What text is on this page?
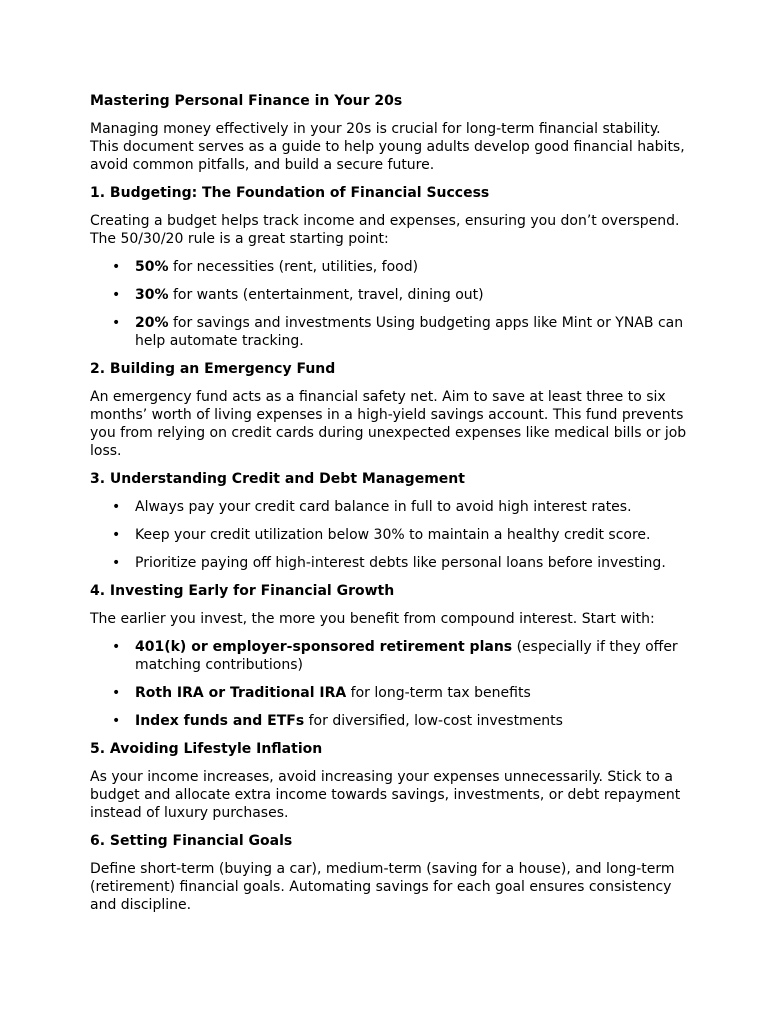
Mastering Personal Finance in Your 20s

Managing money effectively in your 20s is crucial for long-term financial stability. This document serves as a guide to help young adults develop good financial habits, avoid common pitfalls, and build a secure future.

1. Budgeting: The Foundation of Financial Success

Creating a budget helps track income and expenses, ensuring you don’t overspend. The 50/30/20 rule is a great starting point:

• 50% for necessities (rent, utilities, food)
• 30% for wants (entertainment, travel, dining out)
• 20% for savings and investments Using budgeting apps like Mint or YNAB can help automate tracking.
2. Building an Emergency Fund

An emergency fund acts as a financial safety net. Aim to save at least three to six months’ worth of living expenses in a high-yield savings account. This fund prevents you from relying on credit cards during unexpected expenses like medical bills or job loss.

3. Understanding Credit and Debt Management
• Always pay your credit card balance in full to avoid high interest rates.
• Keep your credit utilization below 30% to maintain a healthy credit score.
• Prioritize paying off high-interest debts like personal loans before investing.
4. Investing Early for Financial Growth

The earlier you invest, the more you benefit from compound interest. Start with:

• 401(k) or employer-sponsored retirement plans (especially if they offer matching contributions)
• Roth IRA or Traditional IRA for long-term tax benefits
• Index funds and ETFs for diversified, low-cost investments
5. Avoiding Lifestyle Inflation

As your income increases, avoid increasing your expenses unnecessarily. Stick to a budget and allocate extra income towards savings, investments, or debt repayment instead of luxury purchases.

6. Setting Financial Goals

Define short-term (buying a car), medium-term (saving for a house), and long-term (retirement) financial goals. Automating savings for each goal ensures consistency and discipline.
